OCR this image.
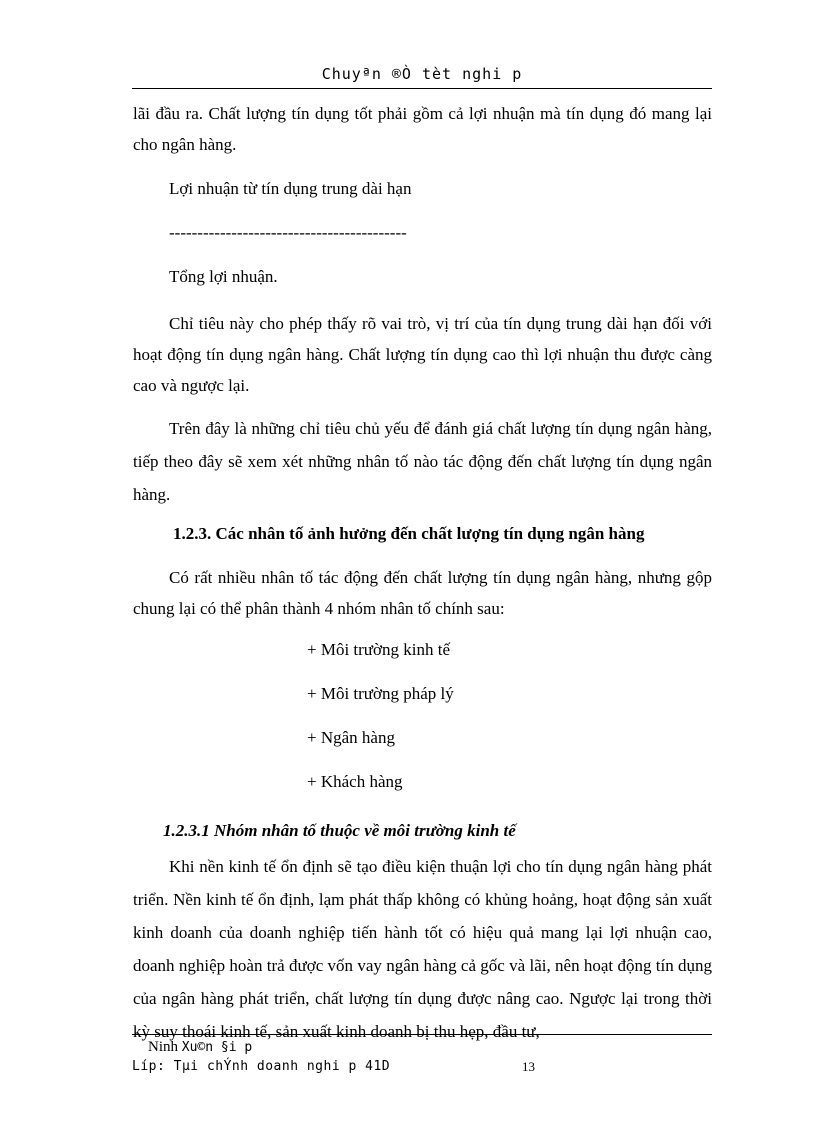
Chuyªn ®Ò tèt nghi p

lãi đầu ra. Chất lượng tín dụng tốt phải gồm cả lợi nhuận mà tín dụng đó mang lại cho ngân hàng.

Lợi nhuận từ tín dụng trung dài hạn

------------------------------------------

Tổng lợi nhuận.

Chỉ tiêu này cho phép thấy rõ vai trò, vị trí của tín dụng trung dài hạn đối với hoạt động tín dụng ngân hàng. Chất lượng tín dụng cao thì lợi nhuận thu được càng cao và ngược lại.

Trên đây là những chỉ tiêu chủ yếu để đánh giá chất lượng tín dụng ngân hàng, tiếp theo đây sẽ xem xét những nhân tố nào tác động đến chất lượng tín dụng ngân hàng.

1.2.3. Các nhân tố ảnh hưởng đến chất lượng tín dụng ngân hàng

Có rất nhiều nhân tố tác động đến chất lượng tín dụng ngân hàng, nhưng gộp chung lại có thể phân thành 4 nhóm nhân tố chính sau:

+ Môi trường kinh tế

+ Môi trường pháp lý

+ Ngân hàng

+ Khách hàng

1.2.3.1 Nhóm nhân tố thuộc về môi trường kinh tế

Khi nền kinh tế ổn định sẽ tạo điều kiện thuận lợi cho tín dụng ngân hàng phát triển. Nền kinh tế ổn định, lạm phát thấp không có khủng hoảng, hoạt động sản xuất kinh doanh của doanh nghiệp tiến hành tốt có hiệu quả mang lại lợi nhuận cao, doanh nghiệp hoàn trả được vốn vay ngân hàng cả gốc và lãi, nên hoạt động tín dụng của ngân hàng phát triển, chất lượng tín dụng được nâng cao. Ngược lại trong thời kỳ suy thoái kinh tế, sản xuất kinh doanh bị thu hẹp, đầu tư,

Ninh Xu©n §i p
Líp: Tµi chÝnh doanh nghi p 41D	13
